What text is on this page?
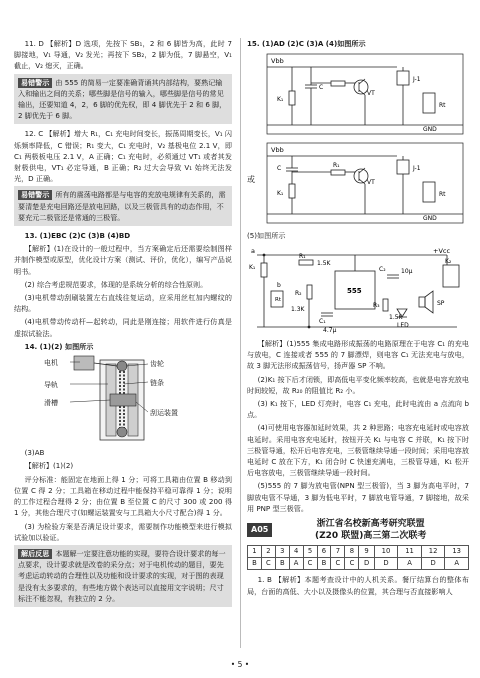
11. D 【解析】D 选项，先按下 SB₁，2 和 6 脚皆为高，此时 7 脚接地，V₁ 导通，V₂ 发光；再按下 SB₂，2 脚为低，7 脚悬空，V₁ 截止，V₂ 熄灭，正确。

易错警示 由 555 的简易一定要准确背诵其内部结构，要熟记输入和输出之间的关系；哪些脚是信号的输入，哪些脚是信号的常见输出，还要知道 4，2，6 脚的优先权，即 4 脚优先于 2 和 6 脚，2 脚优先于 6 脚。

12. C 【解析】增大 R₁，C₁ 充电时间变长，振荡周期变长，V₁ 闪烁频率降低，C 错误；R₁ 变大，C₁ 充电时，V₂ 基极电位 2.1 V，即 C₁ 两极板电压 2.1 V，A 正确；C₁ 充电时，必须通过 VT₁ 或者其发射极供电，VT₁ 必定导通，B 正确；R₂ 过大会导致 V₁ 始终无法发光，D 正确。

易错警示 所有的震荡电路都是与电容的充放电规律有关系的，需要清楚是充电回路还是放电回路，以及三极管具有的动态作用，不要充元二极管还是常通的三极管。

13. (1)EBC (2)C (3)B (4)BD

【解析】(1)在设计的一般过程中，当方案确定后还需要绘制图样并制作模型或原型，优化设计方案（测试、评价，优化），编写产品说明书。

(2) 综合考虑规范要求，体现的是系统分析的综合性原则。

(3)电机带动刮刷装置左右直线往复运动，应采用丝杠加内螺纹的结构。

(4)电机带动传动杆—起转动，同此是刚连接；用软件进行仿真是虚拟试验法。

14. (1)(2) 如图所示

电机
导轨
滑槽
齿轮
链条
刮运装置

(3)AB

【解析】(1)(2)

评分标准：能固定在地面上得 1 分；可将工具箱由位置 B 移动到位置 C 得 2 分；工具箱在移动过程中能保持平稳可靠得 1 分；说明的工作过程合理得 2 分；由位置 B 至位置 C 的尺寸 300 或 200 得 1 分，其他合理尺寸(如螺运装置安与工具箱大小尺寸配合)得 1 分。

(3) 为检验方案是否满足设计要求，需要制作功能模型来进行模拟试验加以验证。

解后反思 本题解一定要注意功能的实现，要符合设计要求的每一点要求，设计要求就是改卷的采分点；对于电机传动的题目，要先考虑运动转动的合理性以及功能和设计要求的实现，对于图的表现是没有太多要求的，有些地方做个表达可以直接用文字说明；尺寸标注不能忽视，有独立的 2 分。

15. (1)AD (2)C (3)A (4)如图所示

Vbb
K₁
C
VT
J-1
Rt
GND
或
Vbb
C
K₁
R₁
VT
J-1
Rt
GND

(5)如图所示

a	+Vcc
K₁
Rt
R₁
1.5K
555
R₂
1.3K
C₁
4.7μ
C₂	10μ
R₃
1.5K
LED
SP
K₂
b

【解析】(1)555 集成电路形成振荡的电路原理在于电容 C₁ 的充电与放电，C 连接或者 555 的 7 脚漂焊，则电容 C₁ 无法充电与放电，故 3 脚无法形成振荡信号，扬声器 SP 不响。

(2)K₁ 按下后才闭锁，即高低电平变化频率较高，也就是电容充放电时间较短，故 R₂₀ 的阻值比 R₂ 小。

(3) K₁ 按下，LED 灯亮时，电容 C₁ 充电，此时电流由 a 点流向 b 点。

(4)可使用电容器加延时效果，共 2 种思路；电容充电延时或电容放电延时。采用电容充电延时，按钮开关 K₁ 与电容 C 并联，K₁ 按下时三极管导通，松开后电容充电，三极管继续导通一段时间；采用电容放电延时 C 放在下方，K₁ 闭合时 C 快速充满电，三极管导通，K₁ 松开后电容放电，三极管继续导通一段时间。

(5)555 的 7 脚为放电管(NPN 型三极管)，当 3 脚为高电平时，7 脚放电管不导通，3 脚为低电平时，7 脚放电管导通，7 脚接地，故采用 PNP 型三极管。

A05
浙江省名校新高考研究联盟
(Z20 联盟)高三第二次联考
1	2	3	4	5	6	7	8	9	10	11	12	13
B	C	B	A	C	B	C	C	D	D	A	D	A

1. B 【解析】本题考查设计中的人机关系。餐厅结算台的整体布局，台面的高低、大小以及摄像头的位置，其合理与否直接影响人

• 5 •
